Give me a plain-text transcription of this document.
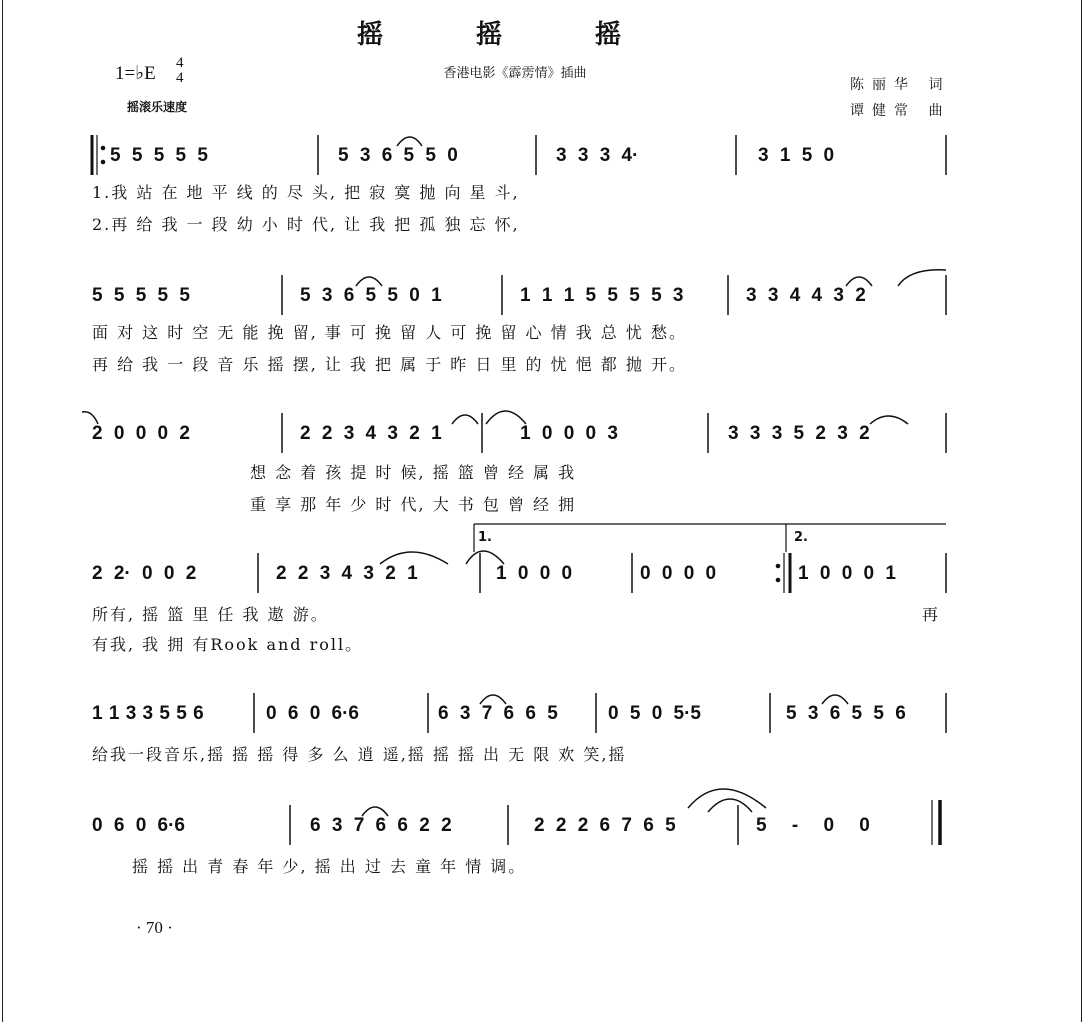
摇 摇 摇
香港电影《霹雳情》插曲
1=♭E 4
4
摇滚乐速度
陈丽华 词
谭健常 曲
1.	2.
5 5 5 5 5	5 3 6 5 5 0	3 3 3 4·	3 1 5 0
1.我 站 在 地 平 线 的 尽 头, 把 寂 寞 抛 向 星 斗,
2.再 给 我 一 段 幼 小 时 代, 让 我 把 孤 独 忘 怀,
5 5 5 5 5	5 3 6 5 5 0 1	1 1 1 5 5 5 5 3	3 3 4 4 3 2
面 对 这 时 空 无 能 挽 留, 事 可 挽 留 人 可 挽 留 心 情 我 总 忧 愁。
再 给 我 一 段 音 乐 摇 摆, 让 我 把 属 于 昨 日 里 的 忧 悒 都 抛 开。
2 0 0 0 2	2 2 3 4 3 2 1	1 0 0 0 3	3 3 3 5 2 3 2
想 念 着 孩 提 时 候, 摇 篮 曾 经 属 我
重 享 那 年 少 时 代, 大 书 包 曾 经 拥
2 2· 0 0 2	2 2 3 4 3 2 1	1 0 0 0	0 0 0 0	1 0 0 0 1
所有, 摇 篮 里 任 我 遨 游。	再
有我, 我 拥 有Rook and roll。
1 1 3 3 5 5 6	0 6 0 6·6	6 3 7 6 6 5	0 5 0 5·5	5 3 6 5 5 6
给我一段音乐,摇 摇 摇 得 多 么 逍 遥,摇 摇 摇 出 无 限 欢 笑,摇
0 6 0 6·6	6 3 7 6 6 2 2	2 2 2 6 7 6 5	5 - 0 0
摇 摇 出 青 春 年 少, 摇 出 过 去 童 年 情 调。
· 70 ·
